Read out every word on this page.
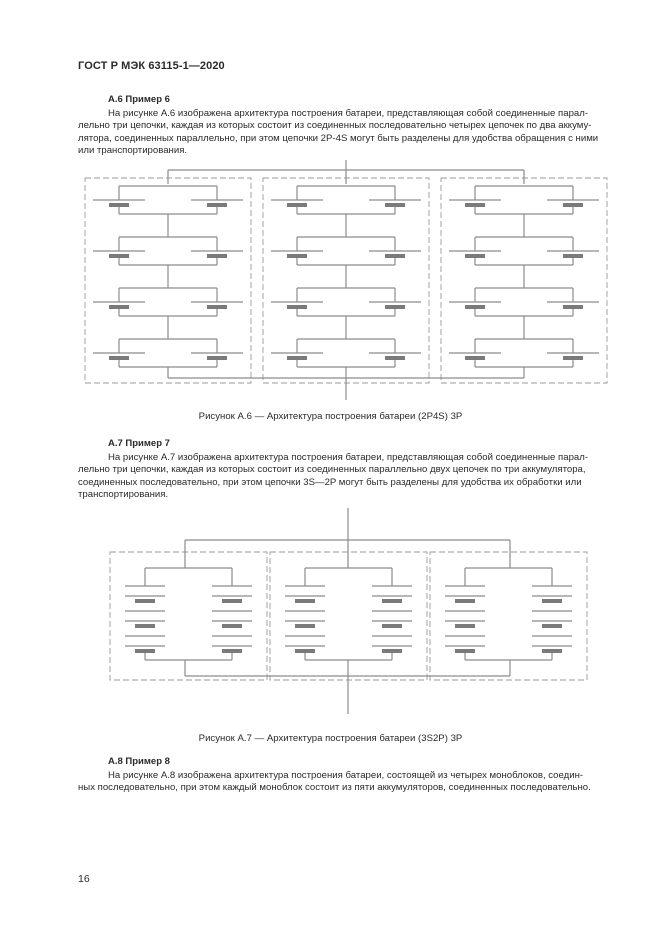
ГОСТ Р МЭК 63115-1—2020
А.6 Пример 6
На рисунке А.6 изображена архитектура построения батареи, представляющая собой соединенные парал-
лельно три цепочки, каждая из которых состоит из соединенных последовательно четырех цепочек по два аккуму-
лятора, соединенных параллельно, при этом цепочки 2Р-4S могут быть разделены для удобства обращения с ними
или транспортирования.
Рисунок А.6 — Архитектура построения батареи (2P4S) 3P
А.7 Пример 7
На рисунке А.7 изображена архитектура построения батареи, представляющая собой соединенные парал-
лельно три цепочки, каждая из которых состоит из соединенных параллельно двух цепочек по три аккумулятора,
соединенных последовательно, при этом цепочки 3S—2P могут быть разделены для удобства их обработки или
транспортирования.
Рисунок А.7 — Архитектура построения батареи (3S2P) 3P
А.8 Пример 8
На рисунке А.8 изображена архитектура построения батареи, состоящей из четырех моноблоков, соедин-
ных последовательно, при этом каждый моноблок состоит из пяти аккумуляторов, соединенных последовательно.
16
